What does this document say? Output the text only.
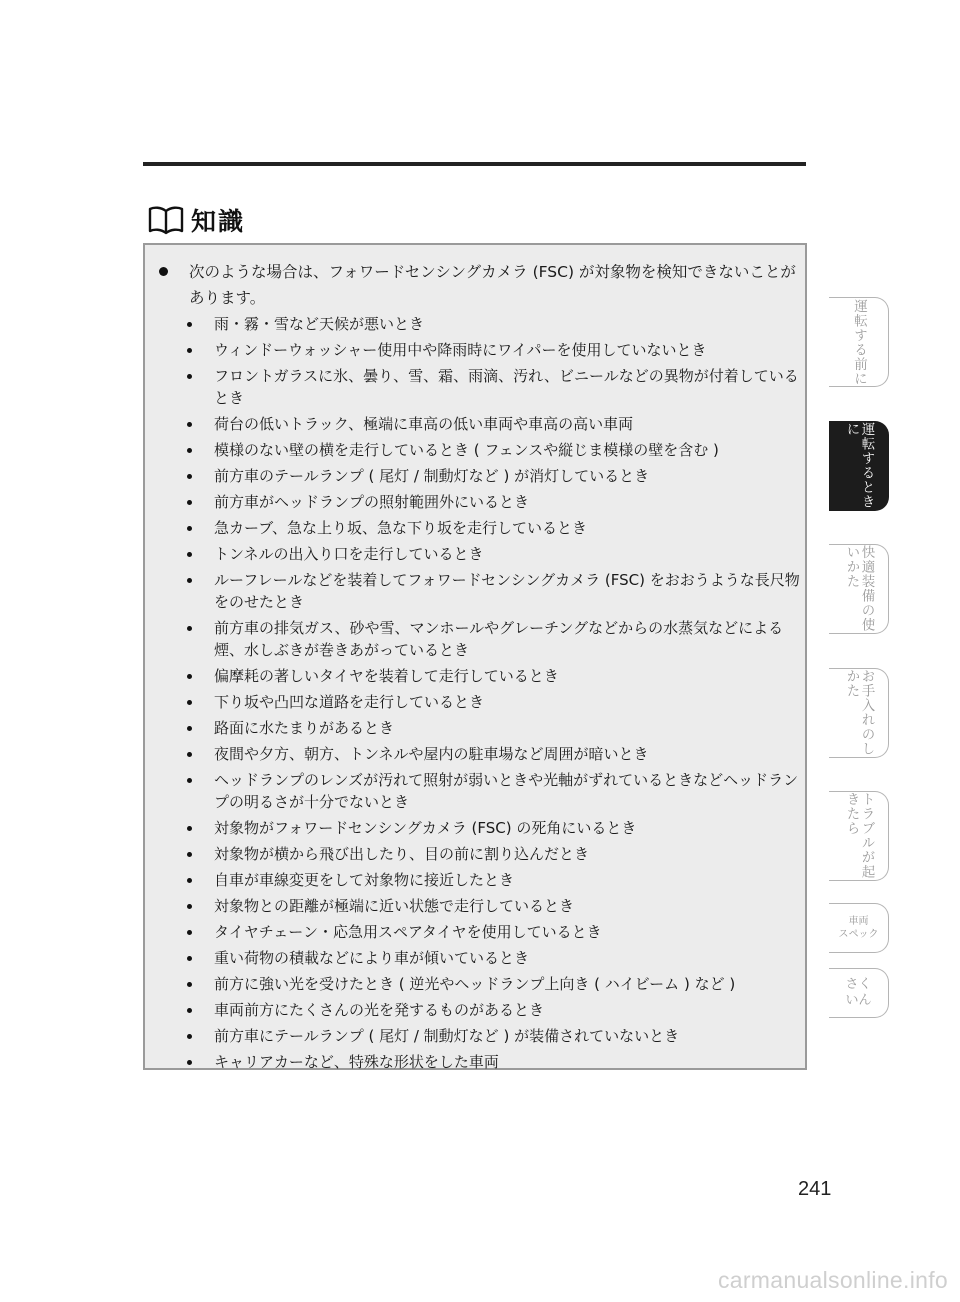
知識
次のような場合は、フォワードセンシングカメラ (FSC) が対象物を検知できないことがあります。
雨・霧・雪など天候が悪いとき
ウィンドーウォッシャー使用中や降雨時にワイパーを使用していないとき
フロントガラスに氷、曇り、雪、霜、雨滴、汚れ、ビニールなどの異物が付着しているとき
荷台の低いトラック、極端に車高の低い車両や車高の高い車両
模様のない壁の横を走行しているとき ( フェンスや縦じま模様の壁を含む )
前方車のテールランプ ( 尾灯 / 制動灯など ) が消灯しているとき
前方車がヘッドランプの照射範囲外にいるとき
急カーブ、急な上り坂、急な下り坂を走行しているとき
トンネルの出入り口を走行しているとき
ルーフレールなどを装着してフォワードセンシングカメラ (FSC) をおおうような長尺物をのせたとき
前方車の排気ガス、砂や雪、マンホールやグレーチングなどからの水蒸気などによる煙、水しぶきが巻きあがっているとき
偏摩耗の著しいタイヤを装着して走行しているとき
下り坂や凸凹な道路を走行しているとき
路面に水たまりがあるとき
夜間や夕方、朝方、トンネルや屋内の駐車場など周囲が暗いとき
ヘッドランプのレンズが汚れて照射が弱いときや光軸がずれているときなどヘッドランプの明るさが十分でないとき
対象物がフォワードセンシングカメラ (FSC) の死角にいるとき
対象物が横から飛び出したり、目の前に割り込んだとき
自車が車線変更をして対象物に接近したとき
対象物との距離が極端に近い状態で走行しているとき
タイヤチェーン・応急用スペアタイヤを使用しているとき
重い荷物の積載などにより車が傾いているとき
前方に強い光を受けたとき ( 逆光やヘッドランプ上向き ( ハイビーム ) など )
車両前方にたくさんの光を発するものがあるとき
前方車にテールランプ ( 尾灯 / 制動灯など ) が装備されていないとき
キャリアカーなど、特殊な形状をした車両
運転する前に
運転するときに
快適装備の使いかた
お手入れのしかた
トラブルが起きたら
車両
スペック
さく
いん
241
carmanualsonline.info
